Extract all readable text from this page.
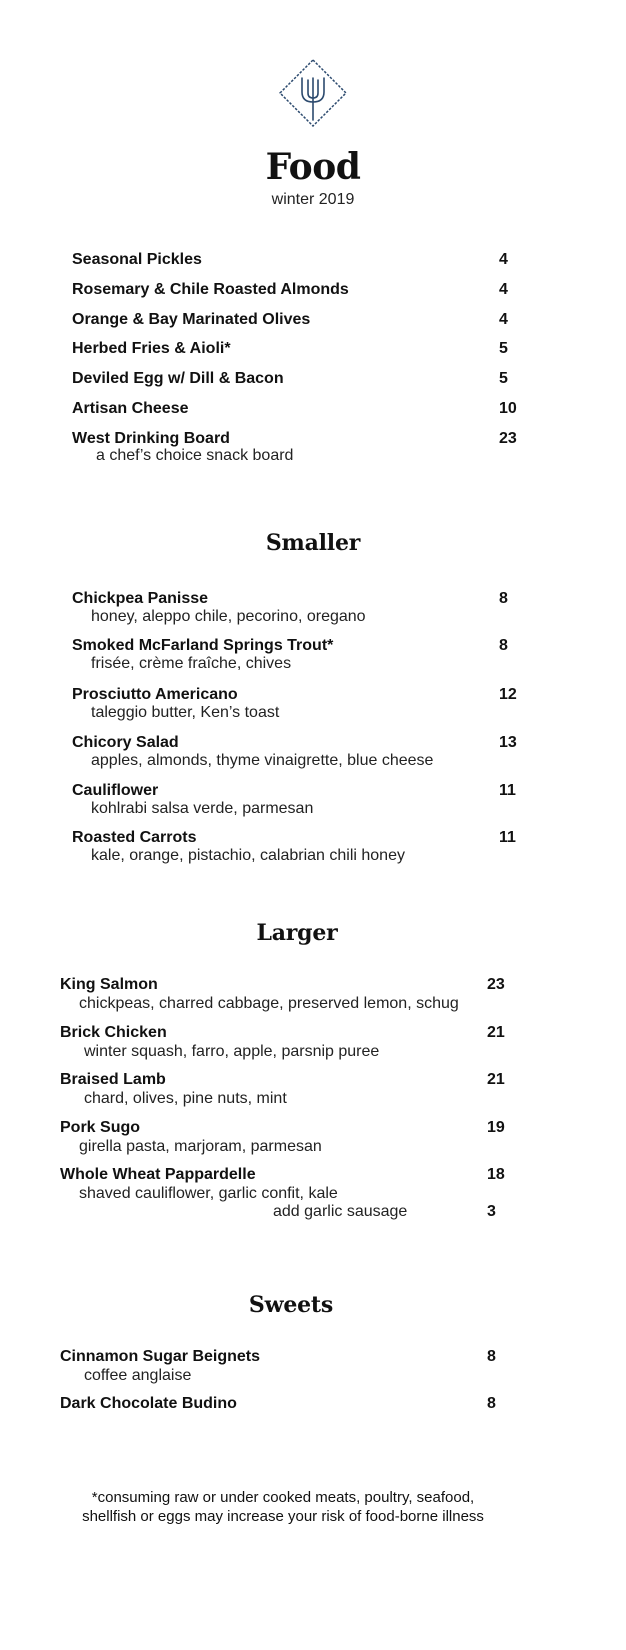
Food
winter 2019
Seasonal Pickles	4
Rosemary & Chile Roasted Almonds	4
Orange & Bay Marinated Olives	4
Herbed Fries & Aioli*	5
Deviled Egg w/ Dill & Bacon	5
Artisan Cheese	10
West Drinking Board	23
a chef’s choice snack board
Smaller
Chickpea Panisse	8
honey, aleppo chile, pecorino, oregano
Smoked McFarland Springs Trout*	8
frisée, crème fraîche, chives
Prosciutto Americano	12
taleggio butter, Ken’s toast
Chicory Salad	13
apples, almonds, thyme vinaigrette, blue cheese
Cauliflower	11
kohlrabi salsa verde, parmesan
Roasted Carrots	11
kale, orange, pistachio, calabrian chili honey
Larger
King Salmon	23
chickpeas, charred cabbage, preserved lemon, schug
Brick Chicken	21
winter squash, farro, apple, parsnip puree
Braised Lamb	21
chard, olives, pine nuts, mint
Pork Sugo	19
girella pasta, marjoram, parmesan
Whole Wheat Pappardelle	18
shaved cauliflower, garlic confit, kale
add garlic sausage	3
Sweets
Cinnamon Sugar Beignets	8
coffee anglaise
Dark Chocolate Budino	8
*consuming raw or under cooked meats, poultry, seafood,
shellfish or eggs may increase your risk of food-borne illness
